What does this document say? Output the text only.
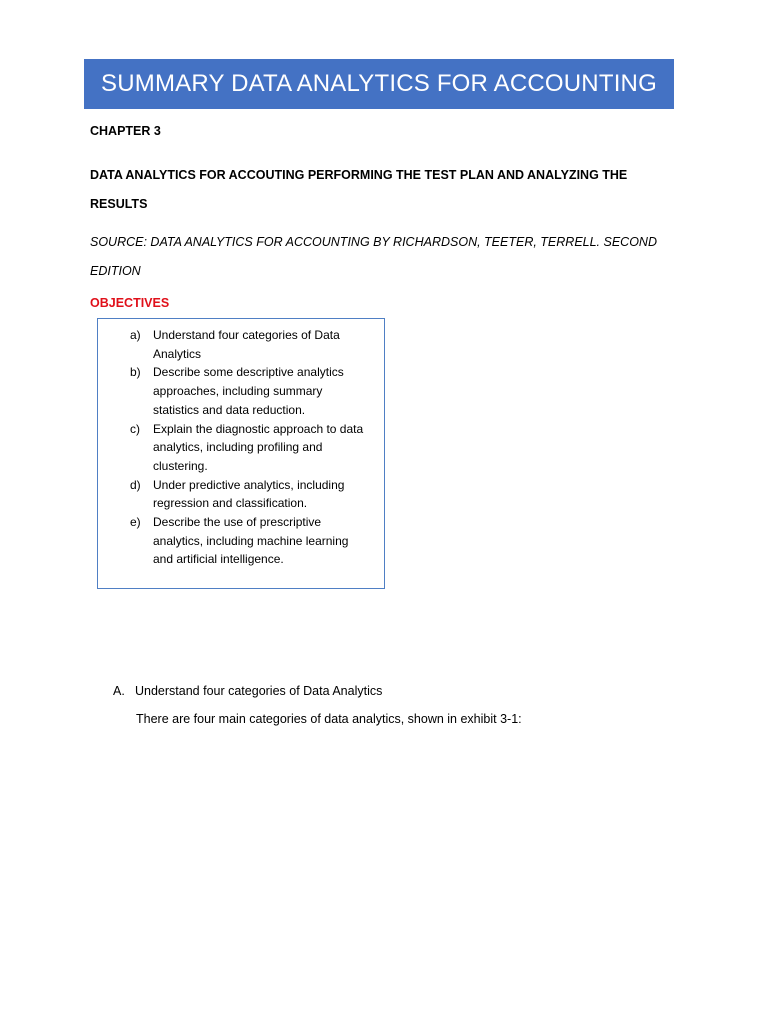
SUMMARY DATA ANALYTICS FOR ACCOUNTING
CHAPTER 3
DATA ANALYTICS FOR ACCOUTING PERFORMING THE TEST PLAN AND ANALYZING THE
RESULTS
SOURCE: DATA ANALYTICS FOR ACCOUNTING BY RICHARDSON, TEETER, TERRELL. SECOND
EDITION
OBJECTIVES
a) Understand four categories of Data Analytics
b) Describe some descriptive analytics approaches, including summary statistics and data reduction.
c) Explain the diagnostic approach to data analytics, including profiling and clustering.
d) Under predictive analytics, including regression and classification.
e) Describe the use of prescriptive analytics, including machine learning and artificial intelligence.
A. Understand four categories of Data Analytics
There are four main categories of data analytics, shown in exhibit 3-1:
